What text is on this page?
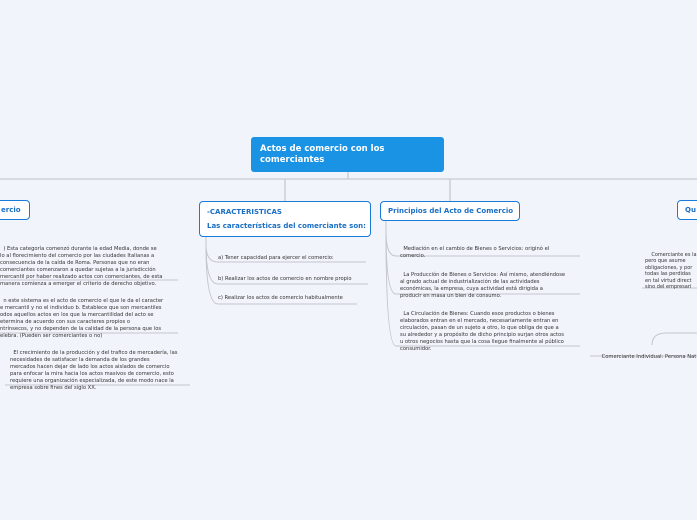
Actos de comercio con los comerciantes
ercio

) Esta categoría comenzó durante la edad Media, donde se
lo al florecimiento del comercio por las ciudades Italianas a
consecuencia de la caída de Roma. Personas que no eran
comerciantes comenzaron a quedar sujetas a la jurisdicción
mercantil por haber realizado actos con comerciantes, de esta
manera comienza a emerger el criterio de derecho objetivo.

n este sistema es el acto de comercio el que le da el caracter
e mercantil y no el individuo b. Establece que son mercantiles
odos aquellos actos en los que la mercantilidad del acto se
etermina de acuerdo con sus caracteres propios o
ntrínsecos, y no dependen de la calidad de la persona que los
elebra. (Pueden ser comerciantes o no)

El crecimiento de la producción y del trafico de mercadería, las
necesidades de satisfacer la demanda de los grandes
mercados hacen dejar de lado los actos aislados de comercio
para enfocar la mira hacia los actos masivos de comercio, esto
requiere una organización especializada, de este modo nace la
empresa sobre fines del siglo XX.

-CARACTERISTICAS
Las características del comerciante son:
a) Tener capacidad para ejercer el comercio:
b) Realizar los actos de comercio en nombre propio
c) Realizar los actos de comercio habitualmente
Principios del Acto de Comercio

Mediación en el cambio de Bienes o Servicios: originó el
comercio.

La Producción de Bienes o Servicios: Así mismo, atendiéndose
al grado actual de industrialización de las actividades
económicas, la empresa, cuya actividad está dirigida a
producir en masa un bien de consumo.

La Circulación de Bienes: Cuando esos productos o bienes
elaborados entran en el mercado, necesariamente entran en
circulación, pasan de un sujeto a otro, lo que obliga de que a
su alrededor y a propósito de dicho principio surjan otros actos
u otros negocios hasta que la cosa llegue finalmente al público
consumidor.

Qu

Comerciante es la
pero que asume
obligaciones, y por
todas las perdidas
en tal virtud direct
sino del empresari

Comerciante Individual: Persona Nat
